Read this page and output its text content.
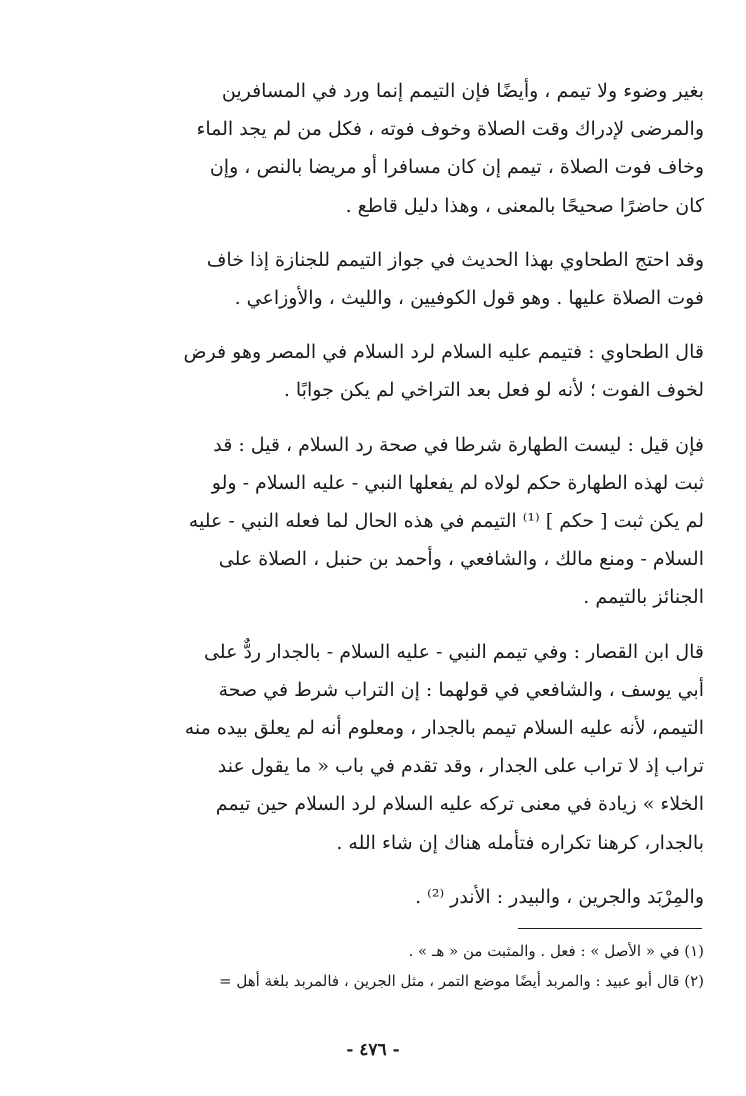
بغير وضوء ولا تيمم ، وأيضًا فإن التيمم إنما ورد في المسافرين
والمرضى لإدراك وقت الصلاة وخوف فوته ، فكل من لم يجد الماء
وخاف فوت الصلاة ، تيمم إن كان مسافرا أو مريضا بالنص ، وإن
كان حاضرًا صحيحًا بالمعنى ، وهذا دليل قاطع .

وقد احتج الطحاوي بهذا الحديث في جواز التيمم للجنازة إذا خاف
فوت الصلاة عليها . وهو قول الكوفيين ، والليث ، والأوزاعي .

قال الطحاوي : فتيمم عليه السلام لرد السلام في المصر وهو فرض
لخوف الفوت ؛ لأنه لو فعل بعد التراخي لم يكن جوابًا .

فإن قيل : ليست الطهارة شرطا في صحة رد السلام ، قيل : قد
ثبت لهذه الطهارة حكم لولاه لم يفعلها النبي - عليه السلام - ولو
لم يكن ثبت [ حكم ] ⁽¹⁾ التيمم في هذه الحال لما فعله النبي - عليه
السلام - ومنع مالك ، والشافعي ، وأحمد بن حنبل ، الصلاة على
الجنائز بالتيمم .

قال ابن القصار : وفي تيمم النبي - عليه السلام - بالجدار ردٌّ على
أبي يوسف ، والشافعي في قولهما : إن التراب شرط في صحة
التيمم، لأنه عليه السلام تيمم بالجدار ، ومعلوم أنه لم يعلق بيده منه
تراب إذ لا تراب على الجدار ، وقد تقدم في باب « ما يقول عند
الخلاء » زيادة في معنى تركه عليه السلام لرد السلام حين تيمم
بالجدار، كرهنا تكراره فتأمله هناك إن شاء الله .

والمِرْبَد والجرين ، والبيدر : الأندر ⁽²⁾ .

(١) في « الأصل » : فعل . والمثبت من « هـ » .
(٢) قال أبو عبيد : والمربد أيضًا موضع التمر ، مثل الجرين ، فالمربد بلغة أهل =
- ٤٧٦ -
